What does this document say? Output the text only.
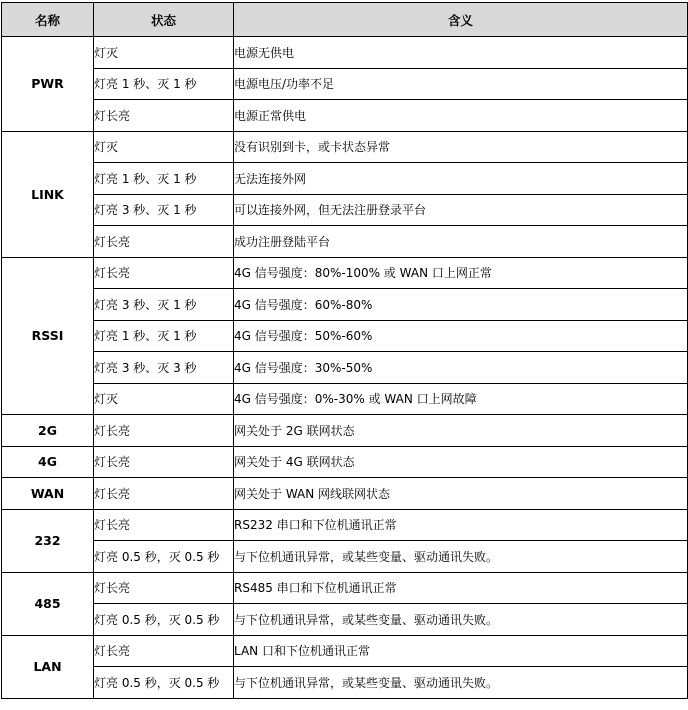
名称	状态	含义
PWR	灯灭	电源无供电
	灯亮 1 秒、灭 1 秒	电源电压/功率不足
	灯长亮	电源正常供电
LINK	灯灭	没有识别到卡，或卡状态异常
	灯亮 1 秒、灭 1 秒	无法连接外网
	灯亮 3 秒、灭 1 秒	可以连接外网，但无法注册登录平台
	灯长亮	成功注册登陆平台
RSSI	灯长亮	4G 信号强度：80%-100% 或 WAN 口上网正常
	灯亮 3 秒、灭 1 秒	4G 信号强度：60%-80%
	灯亮 1 秒、灭 1 秒	4G 信号强度：50%-60%
	灯亮 3 秒、灭 3 秒	4G 信号强度：30%-50%
	灯灭	4G 信号强度：0%-30% 或 WAN 口上网故障
2G	灯长亮	网关处于 2G 联网状态
4G	灯长亮	网关处于 4G 联网状态
WAN	灯长亮	网关处于 WAN 网线联网状态
232	灯长亮	RS232 串口和下位机通讯正常
	灯亮 0.5 秒，灭 0.5 秒	与下位机通讯异常，或某些变量、驱动通讯失败。
485	灯长亮	RS485 串口和下位机通讯正常
	灯亮 0.5 秒，灭 0.5 秒	与下位机通讯异常，或某些变量、驱动通讯失败。
LAN	灯长亮	LAN 口和下位机通讯正常
	灯亮 0.5 秒，灭 0.5 秒	与下位机通讯异常，或某些变量、驱动通讯失败。
